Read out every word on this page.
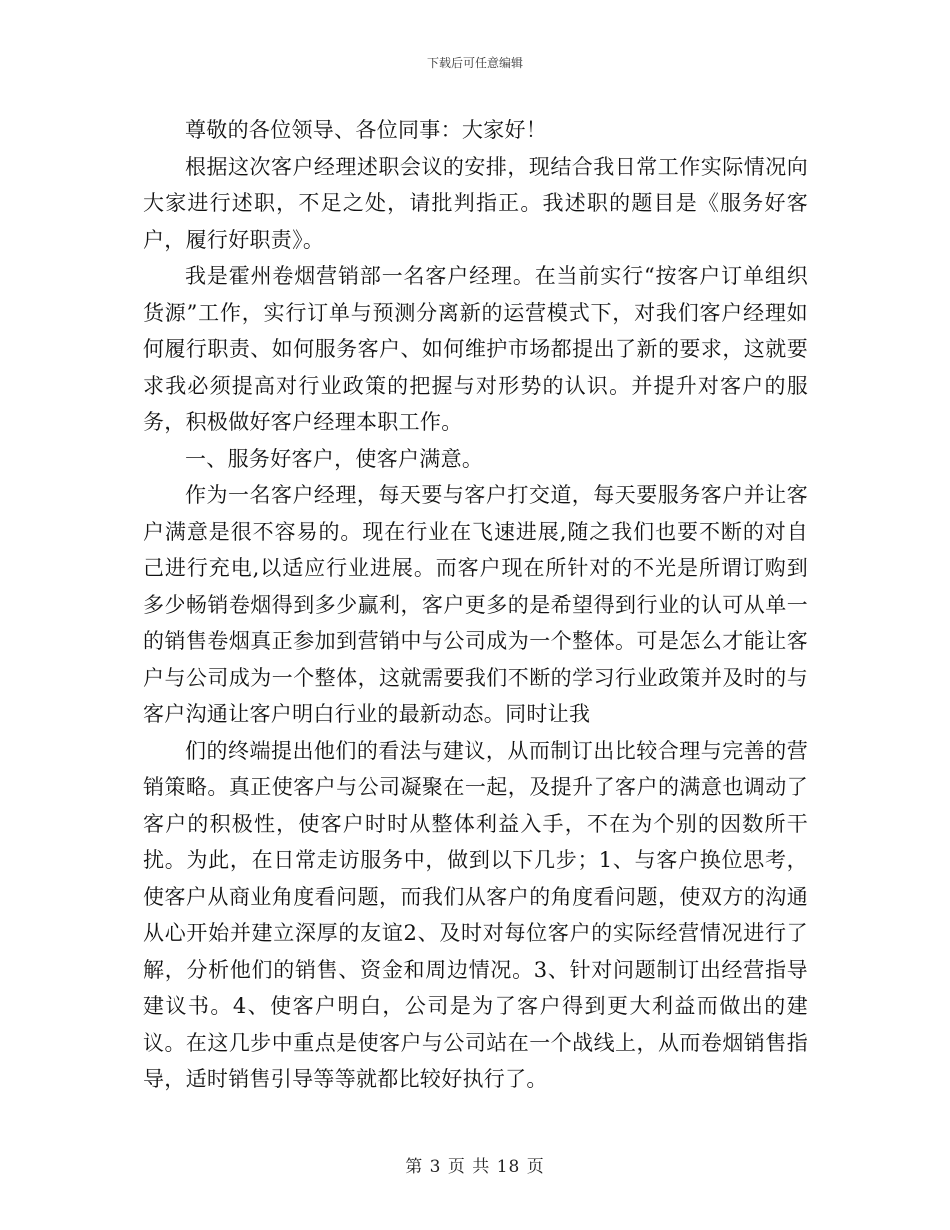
下载后可任意编辑

尊敬的各位领导、各位同事：大家好！

根据这次客户经理述职会议的安排，现结合我日常工作实际情况向大家进行述职，不足之处，请批判指正。我述职的题目是《服务好客户，履行好职责》。

我是霍州卷烟营销部一名客户经理。在当前实行“按客户订单组织货源”工作，实行订单与预测分离新的运营模式下，对我们客户经理如何履行职责、如何服务客户、如何维护市场都提出了新的要求，这就要求我必须提高对行业政策的把握与对形势的认识。并提升对客户的服务，积极做好客户经理本职工作。

一、服务好客户，使客户满意。

作为一名客户经理，每天要与客户打交道，每天要服务客户并让客户满意是很不容易的。现在行业在飞速进展,随之我们也要不断的对自己进行充电,以适应行业进展。而客户现在所针对的不光是所谓订购到多少畅销卷烟得到多少赢利，客户更多的是希望得到行业的认可从单一的销售卷烟真正参加到营销中与公司成为一个整体。可是怎么才能让客户与公司成为一个整体，这就需要我们不断的学习行业政策并及时的与客户沟通让客户明白行业的最新动态。同时让我

们的终端提出他们的看法与建议，从而制订出比较合理与完善的营销策略。真正使客户与公司凝聚在一起，及提升了客户的满意也调动了客户的积极性，使客户时时从整体利益入手，不在为个别的因数所干扰。为此，在日常走访服务中，做到以下几步；1、与客户换位思考，使客户从商业角度看问题，而我们从客户的角度看问题，使双方的沟通从心开始并建立深厚的友谊2、及时对每位客户的实际经营情况进行了解，分析他们的销售、资金和周边情况。3、针对问题制订出经营指导建议书。4、使客户明白，公司是为了客户得到更大利益而做出的建议。在这几步中重点是使客户与公司站在一个战线上，从而卷烟销售指导，适时销售引导等等就都比较好执行了。

第 3 页 共 18 页
